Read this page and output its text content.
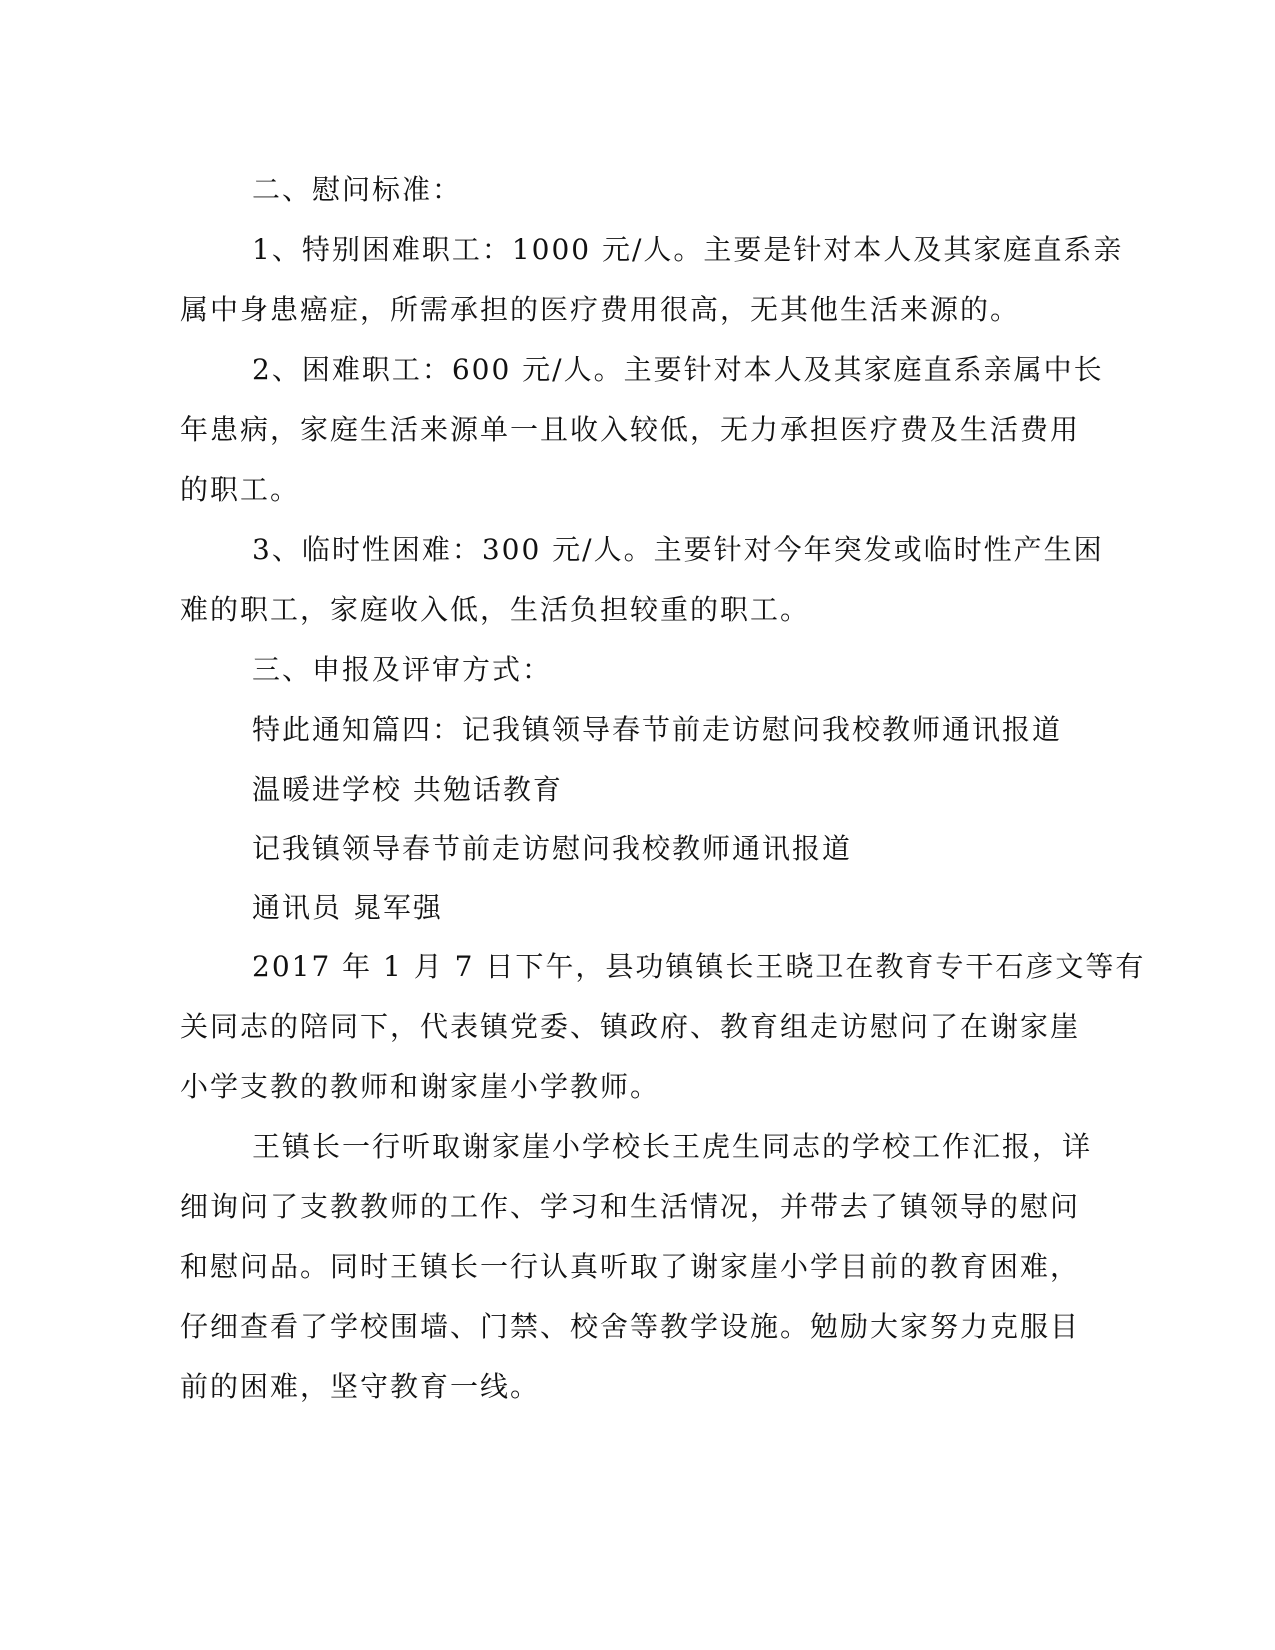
二、慰问标准：
1、特别困难职工：1000 元/人。主要是针对本人及其家庭直系亲
属中身患癌症，所需承担的医疗费用很高，无其他生活来源的。
2、困难职工：600 元/人。主要针对本人及其家庭直系亲属中长
年患病，家庭生活来源单一且收入较低，无力承担医疗费及生活费用
的职工。
3、临时性困难：300 元/人。主要针对今年突发或临时性产生困
难的职工，家庭收入低，生活负担较重的职工。
三、申报及评审方式：
特此通知篇四：记我镇领导春节前走访慰问我校教师通讯报道
温暖进学校 共勉话教育
记我镇领导春节前走访慰问我校教师通讯报道
通讯员 晁军强
2017 年 1 月 7 日下午，县功镇镇长王晓卫在教育专干石彦文等有
关同志的陪同下，代表镇党委、镇政府、教育组走访慰问了在谢家崖
小学支教的教师和谢家崖小学教师。
王镇长一行听取谢家崖小学校长王虎生同志的学校工作汇报，详
细询问了支教教师的工作、学习和生活情况，并带去了镇领导的慰问
和慰问品。同时王镇长一行认真听取了谢家崖小学目前的教育困难，
仔细查看了学校围墙、门禁、校舍等教学设施。勉励大家努力克服目
前的困难，坚守教育一线。
